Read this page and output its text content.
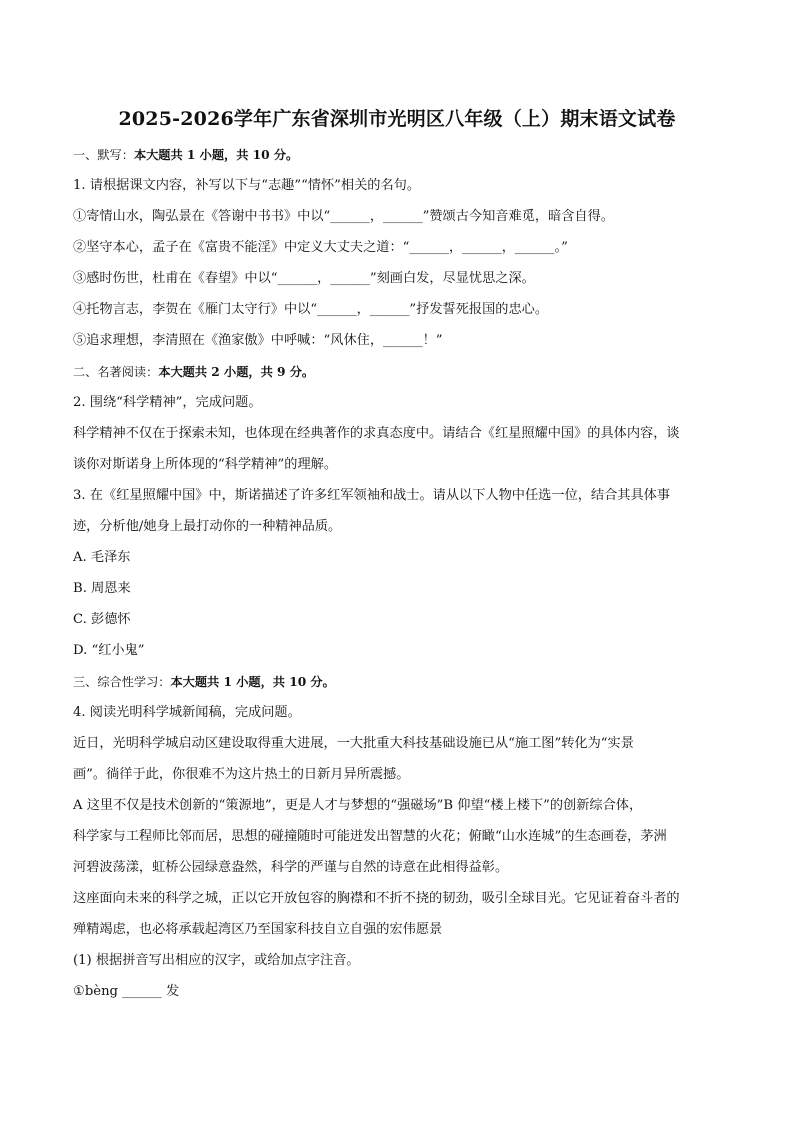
2025-2026学年广东省深圳市光明区八年级（上）期末语文试卷
一、默写：本大题共 1 小题，共 10 分。
1. 请根据课文内容，补写以下与“志趣”“情怀”相关的名句。
①寄情山水，陶弘景在《答谢中书书》中以“______，______”赞颂古今知音难觅，暗含自得。
②坚守本心，孟子在《富贵不能淫》中定义大丈夫之道：“______，______，______。”
③感时伤世，杜甫在《春望》中以“______，______”刻画白发，尽显忧思之深。
④托物言志，李贺在《雁门太守行》中以“______，______”抒发誓死报国的忠心。
⑤追求理想，李清照在《渔家傲》中呼喊：“风休住，______！”
二、名著阅读：本大题共 2 小题，共 9 分。
2. 围绕“科学精神”，完成问题。
科学精神不仅在于探索未知，也体现在经典著作的求真态度中。请结合《红星照耀中国》的具体内容，谈
谈你对斯诺身上所体现的“科学精神”的理解。
3. 在《红星照耀中国》中，斯诺描述了许多红军领袖和战士。请从以下人物中任选一位，结合其具体事
迹，分析他/她身上最打动你的一种精神品质。
A. 毛泽东
B. 周恩来
C. 彭德怀
D. “红小鬼”
三、综合性学习：本大题共 1 小题，共 10 分。
4. 阅读光明科学城新闻稿，完成问题。
近日，光明科学城启动区建设取得重大进展，一大批重大科技基础设施已从“施工图”转化为“实景
画”。徜徉于此，你很难不为这片热土的日新月异所震撼。
A 这里不仅是技术创新的“策源地”，更是人才与梦想的“强磁场”B 仰望“楼上楼下”的创新综合体，
科学家与工程师比邻而居，思想的碰撞随时可能迸发出智慧的火花；俯瞰“山水连城”的生态画卷，茅洲
河碧波荡漾，虹桥公园绿意盎然，科学的严谨与自然的诗意在此相得益彰。
这座面向未来的科学之城，正以它开放包容的胸襟和不折不挠的韧劲，吸引全球目光。它见证着奋斗者的
殚精竭虑，也必将承载起湾区乃至国家科技自立自强的宏伟愿景
(1) 根据拼音写出相应的汉字，或给加点字注音。
①bèng ______ 发
